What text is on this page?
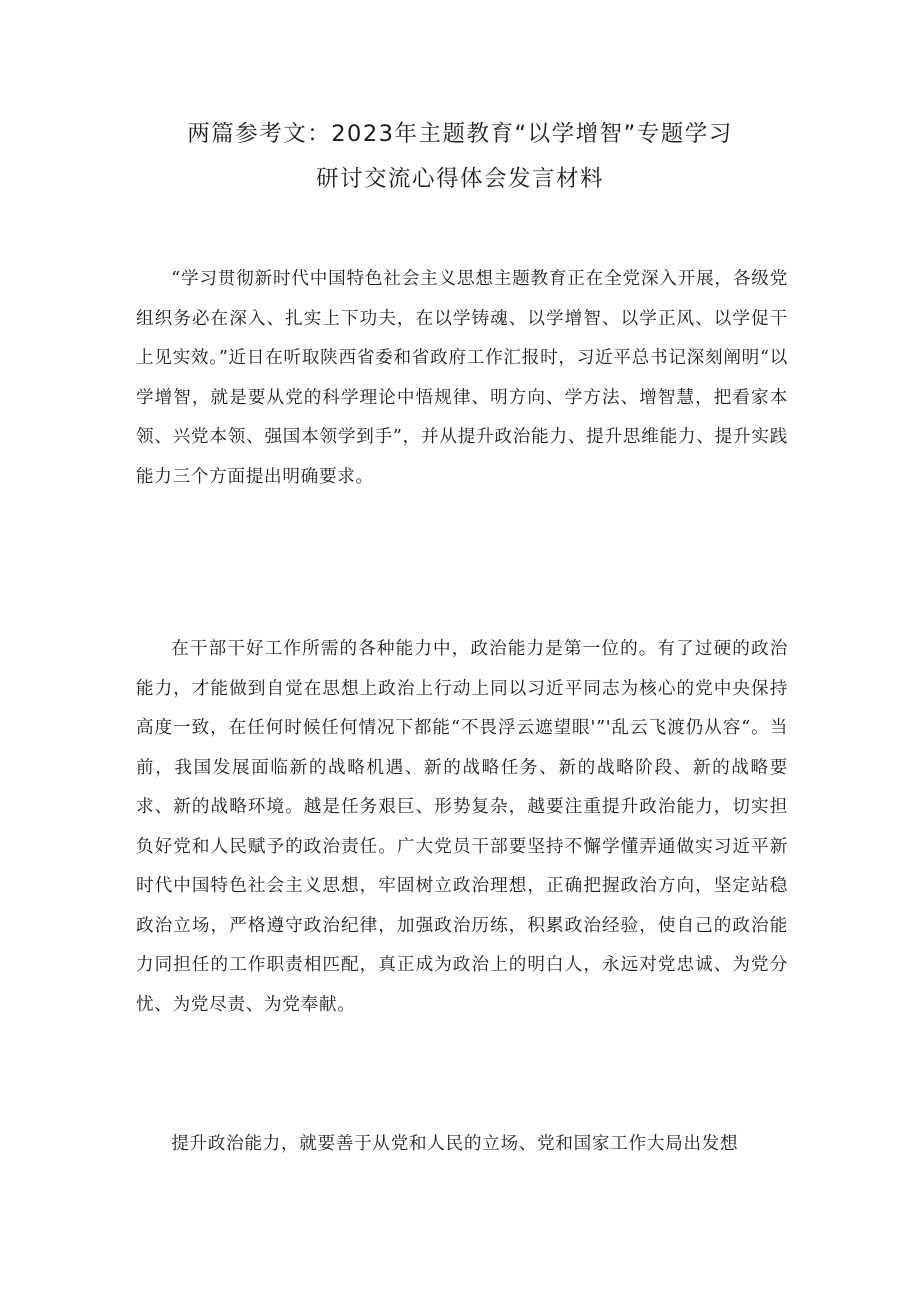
两篇参考文：2023年主题教育“以学增智”专题学习
研讨交流心得体会发言材料

“学习贯彻新时代中国特色社会主义思想主题教育正在全党深入开展，各级党组织务必在深入、扎实上下功夫，在以学铸魂、以学增智、以学正风、以学促干上见实效。”近日在听取陕西省委和省政府工作汇报时，习近平总书记深刻阐明“以学增智，就是要从党的科学理论中悟规律、明方向、学方法、增智慧，把看家本领、兴党本领、强国本领学到手”，并从提升政治能力、提升思维能力、提升实践能力三个方面提出明确要求。

在干部干好工作所需的各种能力中，政治能力是第一位的。有了过硬的政治能力，才能做到自觉在思想上政治上行动上同以习近平同志为核心的党中央保持高度一致，在任何时候任何情况下都能“不畏浮云遮望眼'”'乱云飞渡仍从容“。当前，我国发展面临新的战略机遇、新的战略任务、新的战略阶段、新的战略要求、新的战略环境。越是任务艰巨、形势复杂，越要注重提升政治能力，切实担负好党和人民赋予的政治责任。广大党员干部要坚持不懈学懂弄通做实习近平新时代中国特色社会主义思想，牢固树立政治理想，正确把握政治方向，坚定站稳政治立场，严格遵守政治纪律，加强政治历练，积累政治经验，使自己的政治能力同担任的工作职责相匹配，真正成为政治上的明白人，永远对党忠诚、为党分忧、为党尽责、为党奉献。

提升政治能力，就要善于从党和人民的立场、党和国家工作大局出发想
